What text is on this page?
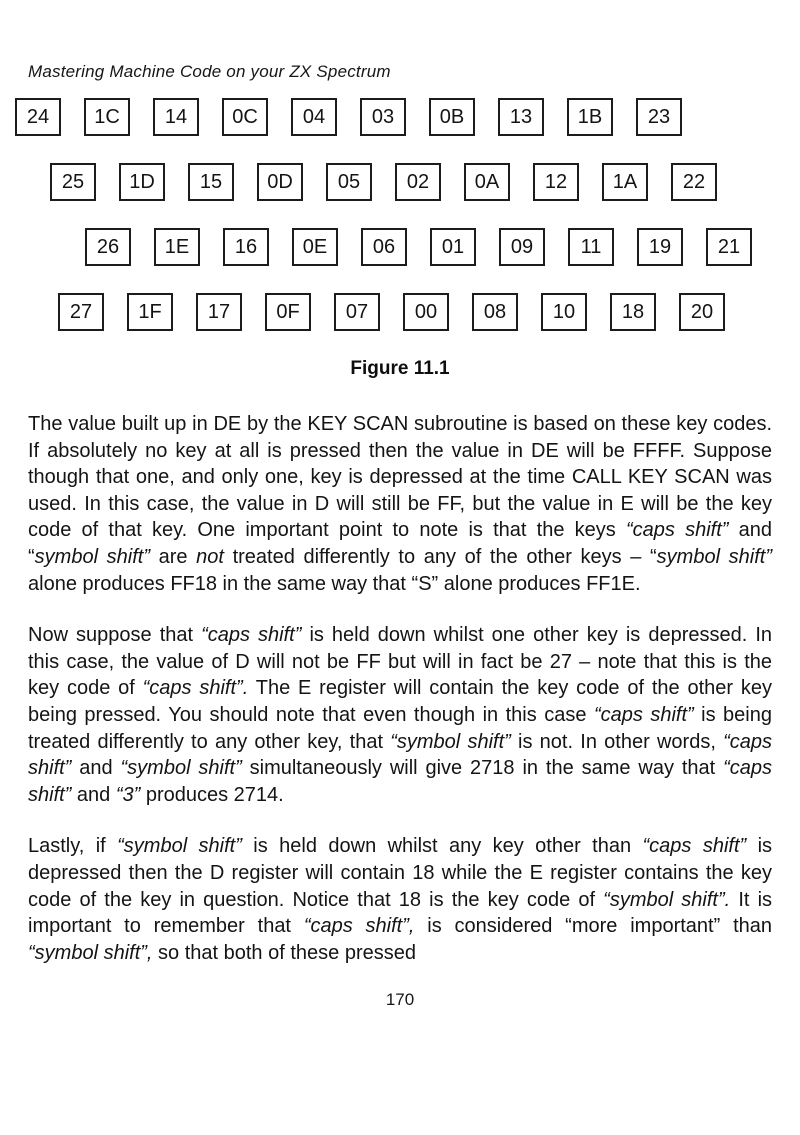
Mastering Machine Code on your ZX Spectrum
24	1C	14	0C	04	03	0B	13	1B	23
25	1D	15	0D	05	02	0A	12	1A	22
26	1E	16	0E	06	01	09	11	19	21
27	1F	17	0F	07	00	08	10	18	20
Figure 11.1

The value built up in DE by the KEY SCAN subroutine is based on these key codes. If absolutely no key at all is pressed then the value in DE will be FFFF. Suppose though that one, and only one, key is depressed at the time CALL KEY SCAN was used. In this case, the value in D will still be FF, but the value in E will be the key code of that key. One important point to note is that the keys “caps shift” and “symbol shift” are not treated differently to any of the other keys – “symbol shift” alone produces FF18 in the same way that “S” alone produces FF1E.

Now suppose that “caps shift” is held down whilst one other key is depressed. In this case, the value of D will not be FF but will in fact be 27 – note that this is the key code of “caps shift”. The E register will contain the key code of the other key being pressed. You should note that even though in this case “caps shift” is being treated differently to any other key, that “symbol shift” is not. In other words, “caps shift” and “symbol shift” simultaneously will give 2718 in the same way that “caps shift” and “3” produces 2714.

Lastly, if “symbol shift” is held down whilst any key other than “caps shift” is depressed then the D register will contain 18 while the E register contains the key code of the key in question. Notice that 18 is the key code of “symbol shift”. It is important to remember that “caps shift”, is considered “more important” than “symbol shift”, so that both of these pressed

170
